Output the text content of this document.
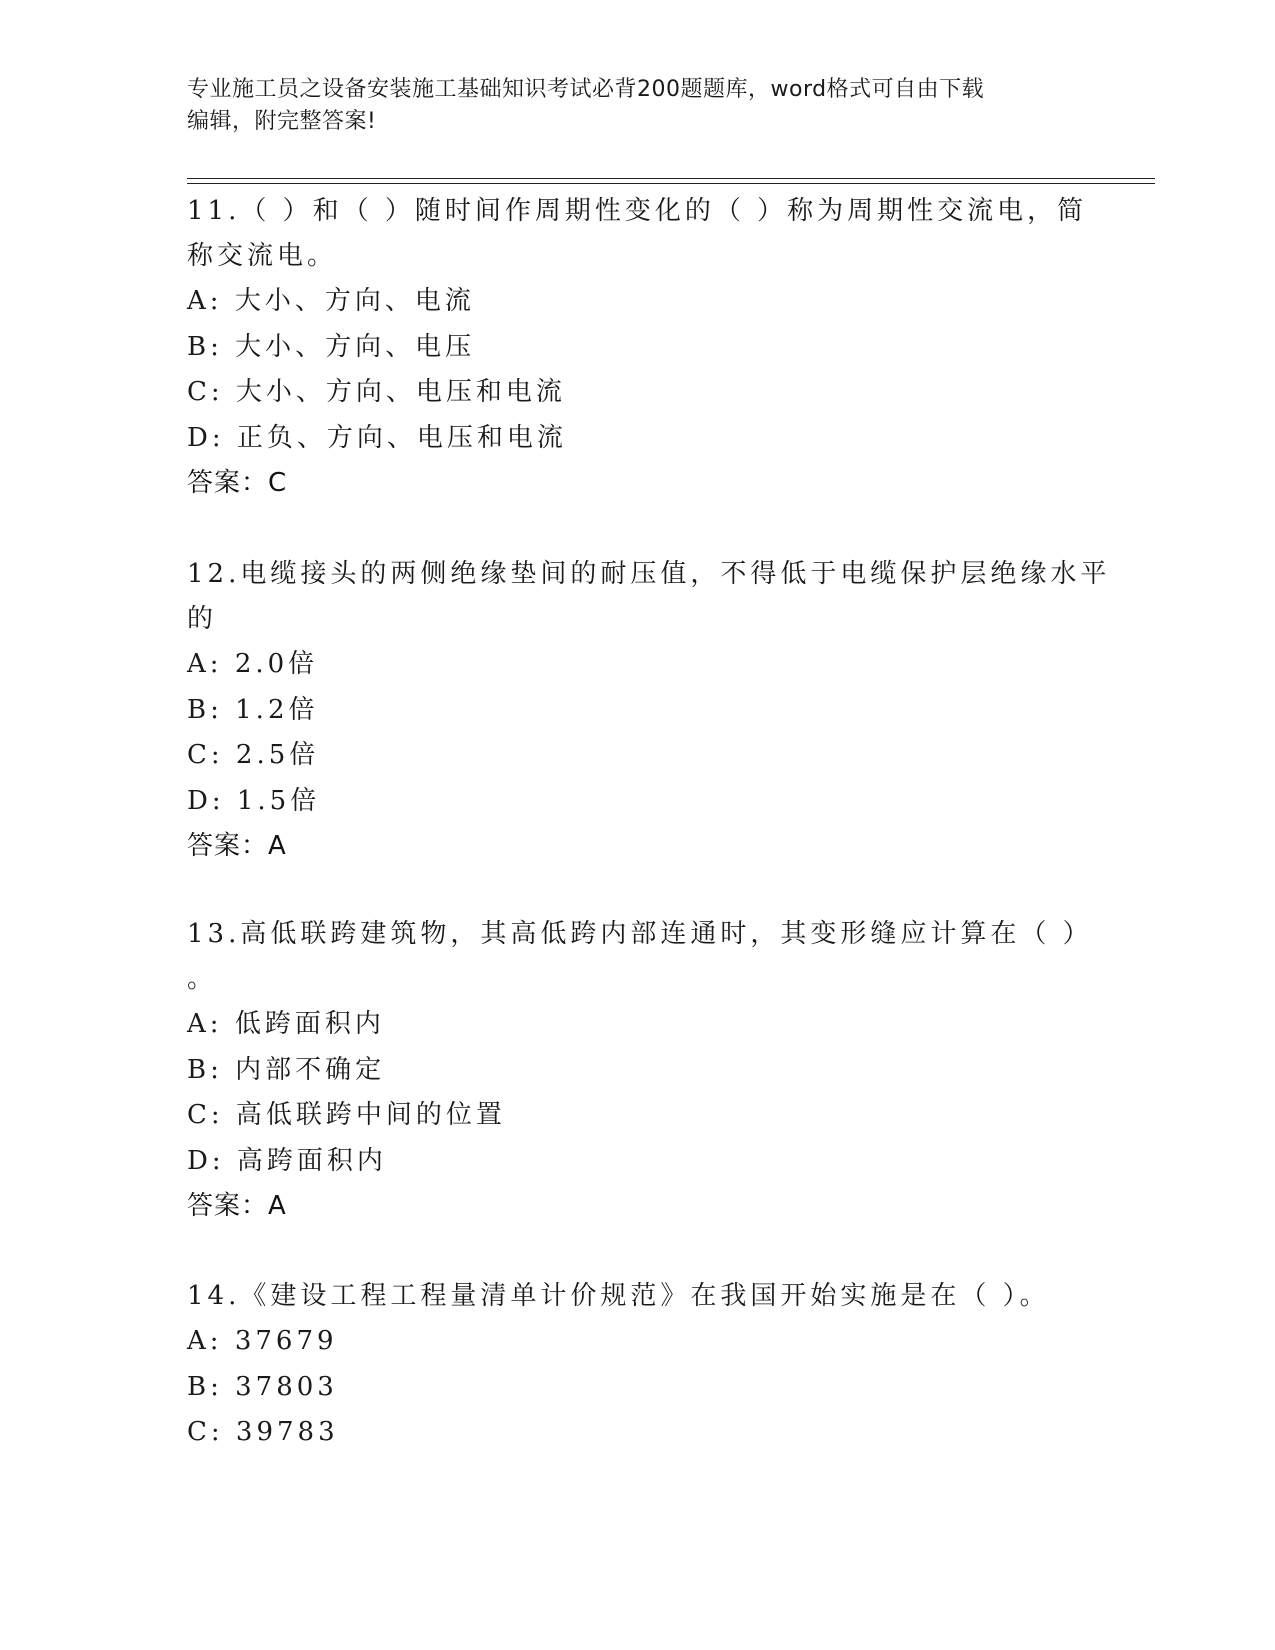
专业施工员之设备安装施工基础知识考试必背200题题库，word格式可自由下载
编辑，附完整答案!
11.（ ）和（ ）随时间作周期性变化的（ ）称为周期性交流电，简
称交流电。
A: 大小、方向、电流
B: 大小、方向、电压
C: 大小、方向、电压和电流
D: 正负、方向、电压和电流
答案：C
12.电缆接头的两侧绝缘垫间的耐压值，不得低于电缆保护层绝缘水平
的
A: 2.0倍
B: 1.2倍
C: 2.5倍
D: 1.5倍
答案：A
13.高低联跨建筑物，其高低跨内部连通时，其变形缝应计算在（ ）
。
A: 低跨面积内
B: 内部不确定
C: 高低联跨中间的位置
D: 高跨面积内
答案：A
14.《建设工程工程量清单计价规范》在我国开始实施是在（ ）。
A: 37679
B: 37803
C: 39783
